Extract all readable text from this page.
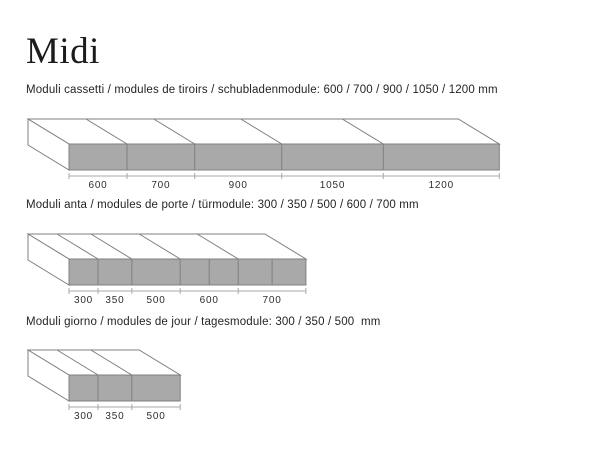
Midi

Moduli cassetti / modules de tiroirs / schubladenmodule: 600 / 700 / 900 / 1050 / 1200 mm

600	700	900	1050	1200

Moduli anta / modules de porte / türmodule: 300 / 350 / 500 / 600 / 700 mm

300 350 500	600	700

Moduli giorno / modules de jour / tagesmodule: 300 / 350 / 500  mm

300 350 500
